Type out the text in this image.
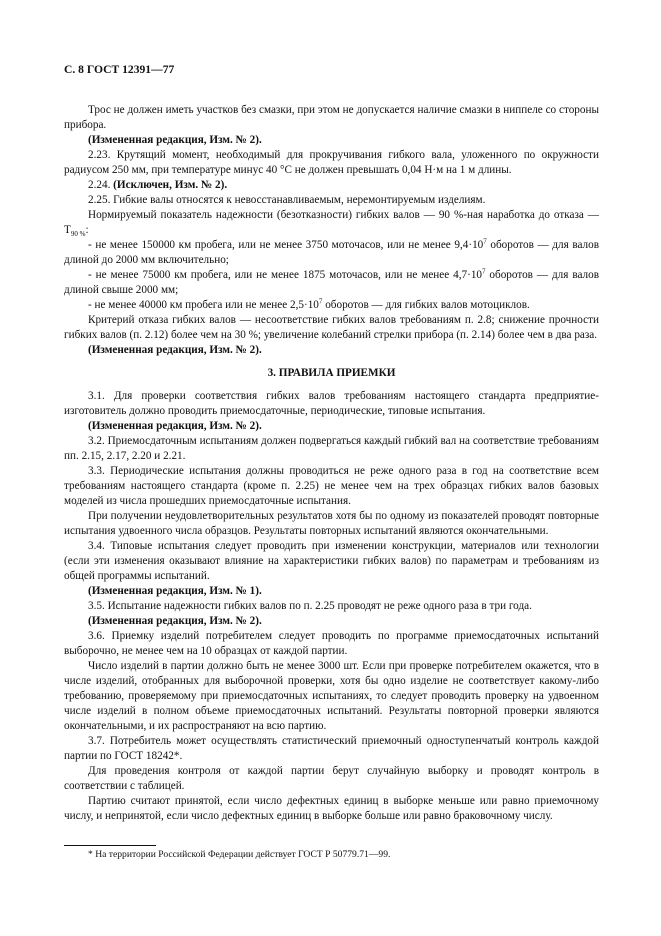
С. 8 ГОСТ 12391—77

Трос не должен иметь участков без смазки, при этом не допускается наличие смазки в ниппеле со стороны прибора.

(Измененная редакция, Изм. № 2).

2.23. Крутящий момент, необходимый для прокручивания гибкого вала, уложенного по окружности радиусом 250 мм, при температуре минус 40 °С не должен превышать 0,04 Н·м на 1 м длины.

2.24. (Исключен, Изм. № 2).

2.25. Гибкие валы относятся к невосстанавливаемым, неремонтируемым изделиям.

Нормируемый показатель надежности (безотказности) гибких валов — 90 %-ная наработка до отказа — $Т_{90 \%}$:

- не менее 150000 км пробега, или не менее 3750 моточасов, или не менее $9,4\cdot 10^7$ оборотов — для валов длиной до 2000 мм включительно;

- не менее 75000 км пробега, или не менее 1875 моточасов, или не менее $4,7\cdot 10^7$ оборотов — для валов длиной свыше 2000 мм;

- не менее 40000 км пробега или не менее $2,5\cdot 10^7$ оборотов — для гибких валов мотоциклов.

Критерий отказа гибких валов — несоответствие гибких валов требованиям п. 2.8; снижение прочности гибких валов (п. 2.12) более чем на 30 %; увеличение колебаний стрелки прибора (п. 2.14) более чем в два раза.

(Измененная редакция, Изм. № 2).

3. ПРАВИЛА ПРИЕМКИ

3.1. Для проверки соответствия гибких валов требованиям настоящего стандарта предприятие-изготовитель должно проводить приемосдаточные, периодические, типовые испытания.

(Измененная редакция, Изм. № 2).

3.2. Приемосдаточным испытаниям должен подвергаться каждый гибкий вал на соответствие требованиям пп. 2.15, 2.17, 2.20 и 2.21.

3.3. Периодические испытания должны проводиться не реже одного раза в год на соответствие всем требованиям настоящего стандарта (кроме п. 2.25) не менее чем на трех образцах гибких валов базовых моделей из числа прошедших приемосдаточные испытания.

При получении неудовлетворительных результатов хотя бы по одному из показателей проводят повторные испытания удвоенного числа образцов. Результаты повторных испытаний являются окончательными.

3.4. Типовые испытания следует проводить при изменении конструкции, материалов или технологии (если эти изменения оказывают влияние на характеристики гибких валов) по параметрам и требованиям из общей программы испытаний.

(Измененная редакция, Изм. № 1).

3.5. Испытание надежности гибких валов по п. 2.25 проводят не реже одного раза в три года.

(Измененная редакция, Изм. № 2).

3.6. Приемку изделий потребителем следует проводить по программе приемосдаточных испытаний выборочно, не менее чем на 10 образцах от каждой партии.

Число изделий в партии должно быть не менее 3000 шт. Если при проверке потребителем окажется, что в числе изделий, отобранных для выборочной проверки, хотя бы одно изделие не соответствует какому-либо требованию, проверяемому при приемосдаточных испытаниях, то следует проводить проверку на удвоенном числе изделий в полном объеме приемосдаточных испытаний. Результаты повторной проверки являются окончательными, и их распространяют на всю партию.

3.7. Потребитель может осуществлять статистический приемочный одноступенчатый контроль каждой партии по ГОСТ 18242*.

Для проведения контроля от каждой партии берут случайную выборку и проводят контроль в соответствии с таблицей.

Партию считают принятой, если число дефектных единиц в выборке меньше или равно приемочному числу, и непринятой, если число дефектных единиц в выборке больше или равно браковочному числу.

* На территории Российской Федерации действует ГОСТ Р 50779.71—99.
